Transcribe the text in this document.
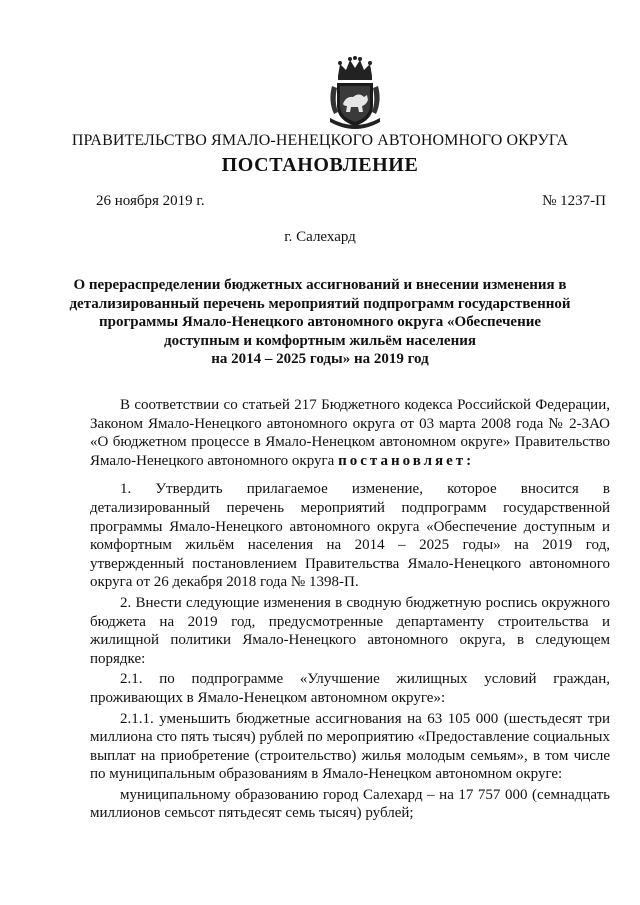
ПРАВИТЕЛЬСТВО ЯМАЛО-НЕНЕЦКОГО АВТОНОМНОГО ОКРУГА
ПОСТАНОВЛЕНИЕ
26 ноября 2019 г.	№ 1237-П
г. Салехард
О перераспределении бюджетных ассигнований и внесении изменения в
детализированный перечень мероприятий подпрограмм государственной
программы Ямало-Ненецкого автономного округа «Обеспечение
доступным и комфортным жильём населения
на 2014 – 2025 годы» на 2019 год

В соответствии со статьей 217 Бюджетного кодекса Российской Федерации, Законом Ямало-Ненецкого автономного округа от 03 марта 2008 года № 2-ЗАО «О бюджетном процессе в Ямало-Ненецком автономном округе» Правительство Ямало-Ненецкого автономного округа постановляет:

1. Утвердить прилагаемое изменение, которое вносится в детализированный перечень мероприятий подпрограмм государственной программы Ямало-Ненецкого автономного округа «Обеспечение доступным и комфортным жильём населения на 2014 – 2025 годы» на 2019 год, утвержденный постановлением Правительства Ямало-Ненецкого автономного округа от 26 декабря 2018 года № 1398-П.

2. Внести следующие изменения в сводную бюджетную роспись окружного бюджета на 2019 год, предусмотренные департаменту строительства и жилищной политики Ямало-Ненецкого автономного округа, в следующем порядке:

2.1. по подпрограмме «Улучшение жилищных условий граждан, проживающих в Ямало-Ненецком автономном округе»:

2.1.1. уменьшить бюджетные ассигнования на 63 105 000 (шестьдесят три миллиона сто пять тысяч) рублей по мероприятию «Предоставление социальных выплат на приобретение (строительство) жилья молодым семьям», в том числе по муниципальным образованиям в Ямало-Ненецком автономном округе:

муниципальному образованию город Салехард – на 17 757 000 (семнадцать миллионов семьсот пятьдесят семь тысяч) рублей;
